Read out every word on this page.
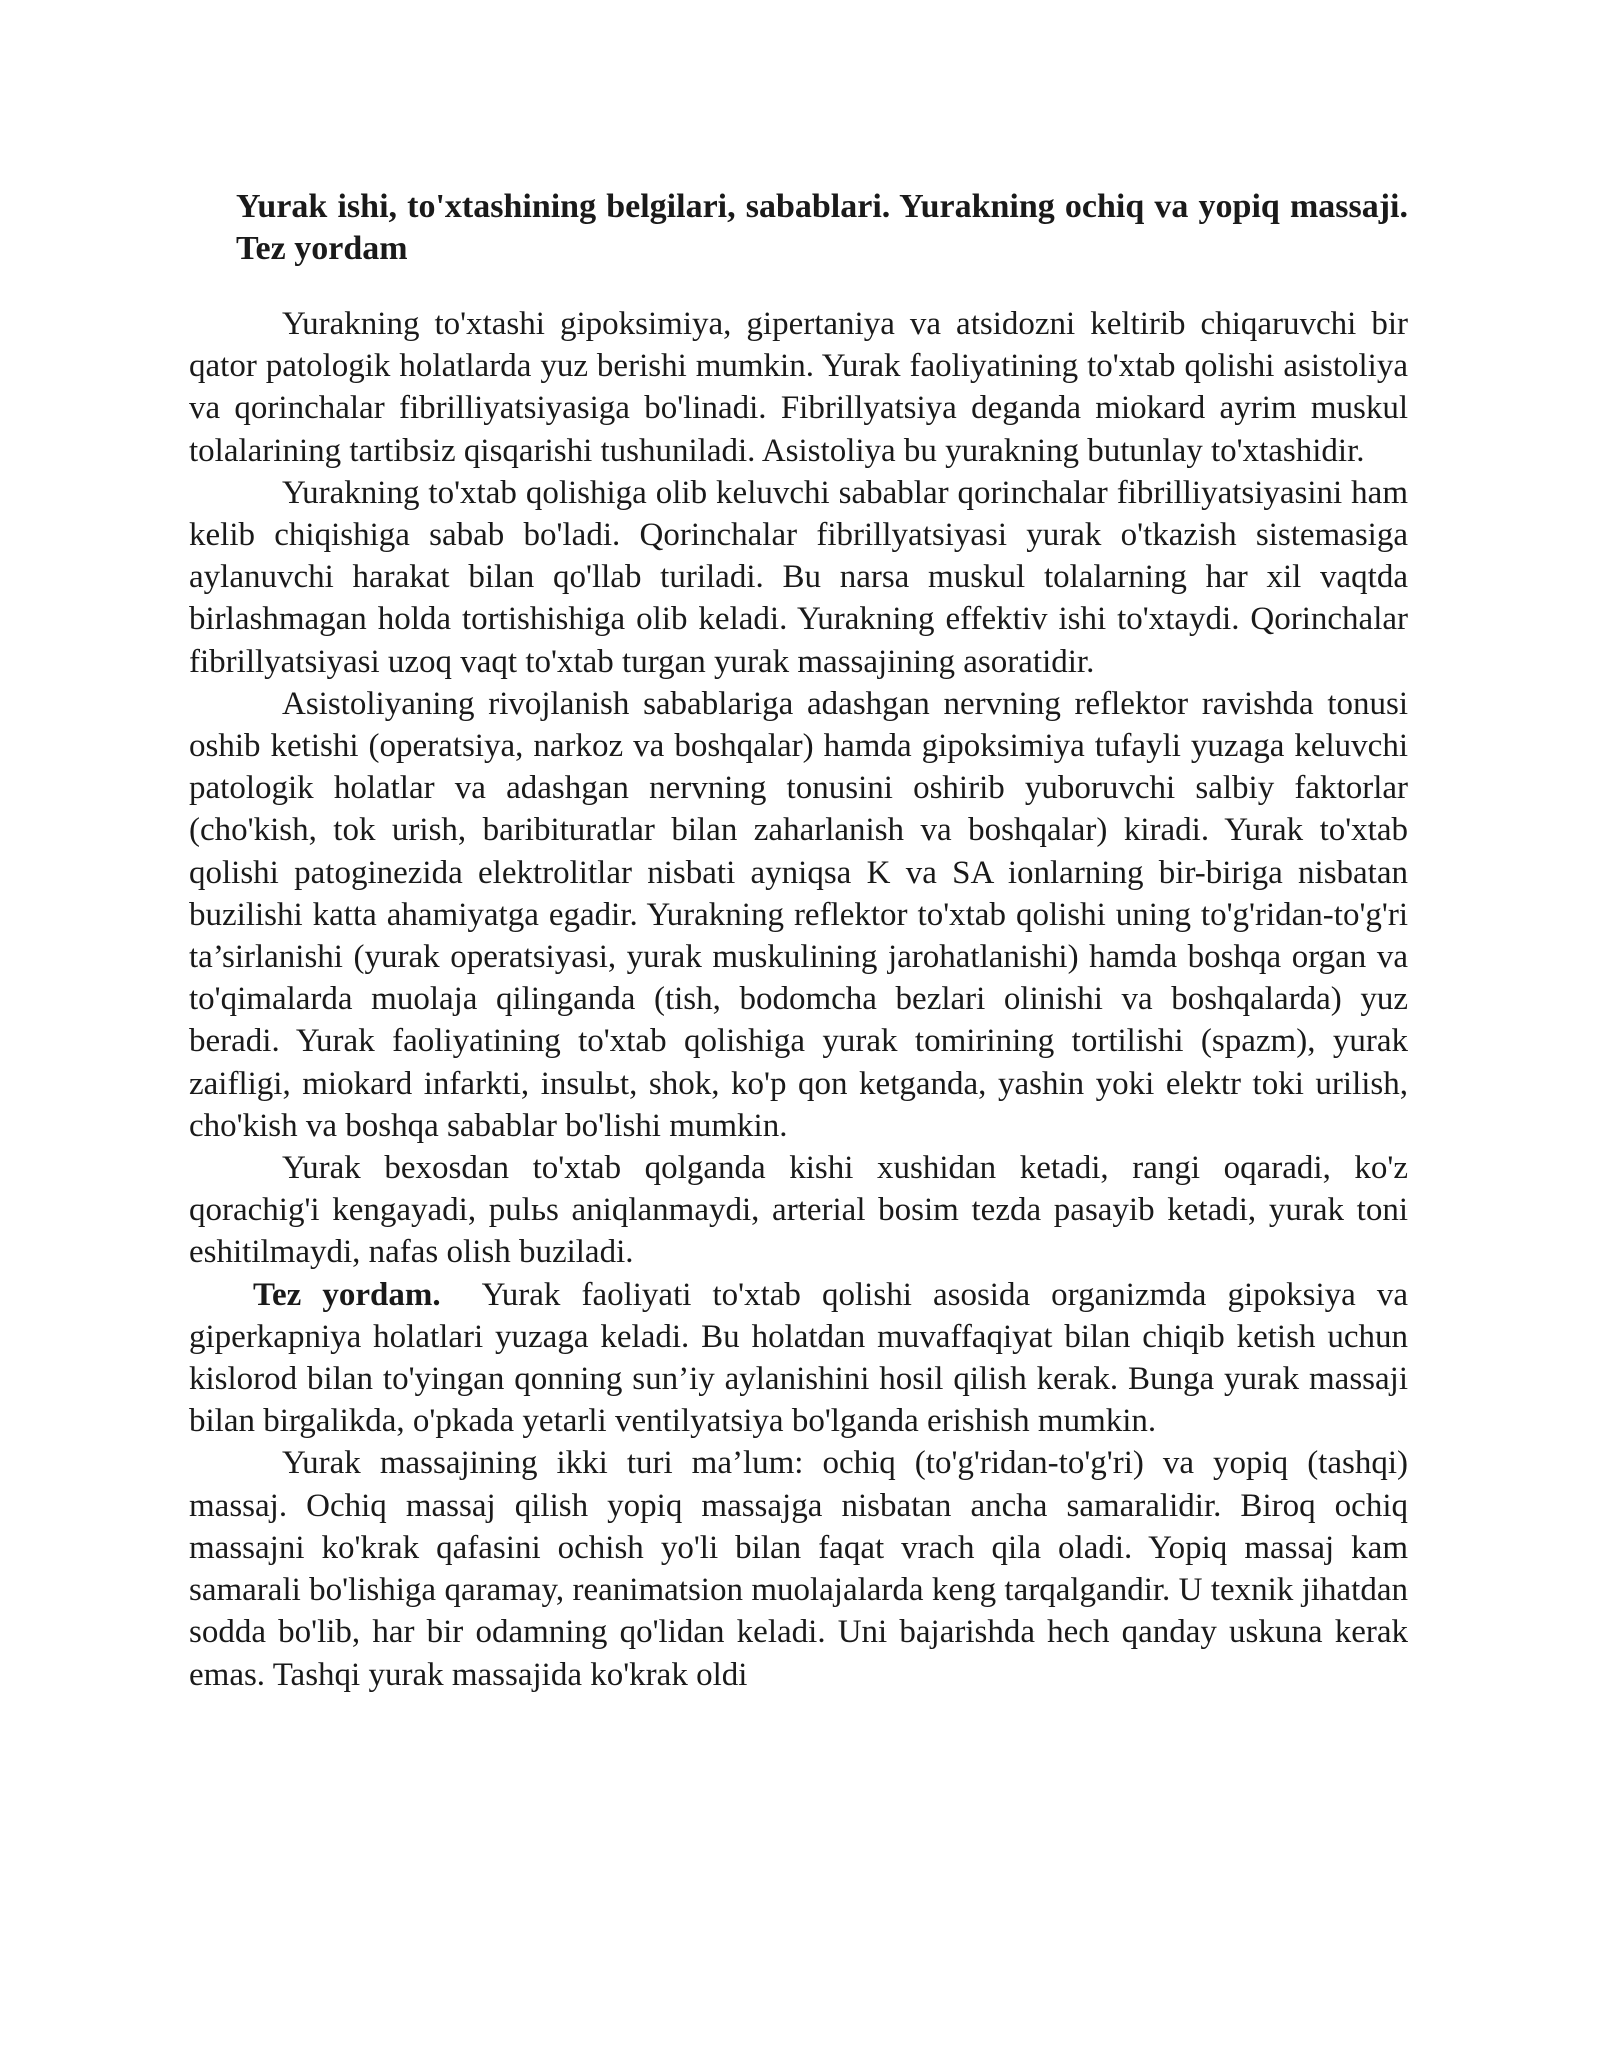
Yurak ishi, to'xtashining belgilari, sabablari. Yurakning ochiq va yopiq massaji. Tez yordam

Yurakning to'xtashi gipoksimiya, gipertaniya va atsidozni keltirib chiqaruvchi bir qator patologik holatlarda yuz berishi mumkin. Yurak faoliyatining to'xtab qolishi asistoliya va qorinchalar fibrilliyatsiyasiga bo'linadi. Fibrillyatsiya deganda miokard ayrim muskul tolalarining tartibsiz qisqarishi tushuniladi. Asistoliya bu yurakning butunlay to'xtashidir.

Yurakning to'xtab qolishiga olib keluvchi sabablar qorinchalar fibrilliyatsiyasini ham kelib chiqishiga sabab bo'ladi. Qorinchalar fibrillyatsiyasi yurak o'tkazish sistemasiga aylanuvchi harakat bilan qo'llab turiladi. Bu narsa muskul tolalarning har xil vaqtda birlashmagan holda tortishishiga olib keladi. Yurakning effektiv ishi to'xtaydi. Qorinchalar fibrillyatsiyasi uzoq vaqt to'xtab turgan yurak massajining asoratidir.

Asistoliyaning rivojlanish sabablariga adashgan nervning reflektor ravishda tonusi oshib ketishi (operatsiya, narkoz va boshqalar) hamda gipoksimiya tufayli yuzaga keluvchi patologik holatlar va adashgan nervning tonusini oshirib yuboruvchi salbiy faktorlar (cho'kish, tok urish, baribituratlar bilan zaharlanish va boshqalar) kiradi. Yurak to'xtab qolishi patoginezida elektrolitlar nisbati ayniqsa K va SA ionlarning bir-biriga nisbatan buzilishi katta ahamiyatga egadir. Yurakning reflektor to'xtab qolishi uning to'g'ridan-to'g'ri ta’sirlanishi (yurak operatsiyasi, yurak muskulining jarohatlanishi) hamda boshqa organ va to'qimalarda muolaja qilinganda (tish, bodomcha bezlari olinishi va boshqalarda) yuz beradi. Yurak faoliyatining to'xtab qolishiga yurak tomirining tortilishi (spazm), yurak zaifligi, miokard infarkti, insulьt, shok, ko'p qon ketganda, yashin yoki elektr toki urilish, cho'kish va boshqa sabablar bo'lishi mumkin.

Yurak bexosdan to'xtab qolganda kishi xushidan ketadi, rangi oqaradi, ko'z qorachig'i kengayadi, pulьs aniqlanmaydi, arterial bosim tezda pasayib ketadi, yurak toni eshitilmaydi, nafas olish buziladi.

Tez yordam. Yurak faoliyati to'xtab qolishi asosida organizmda gipoksiya va giperkapniya holatlari yuzaga keladi. Bu holatdan muvaffaqiyat bilan chiqib ketish uchun kislorod bilan to'yingan qonning sun’iy aylanishini hosil qilish kerak. Bunga yurak massaji bilan birgalikda, o'pkada yetarli ventilyatsiya bo'lganda erishish mumkin.

Yurak massajining ikki turi ma’lum: ochiq (to'g'ridan-to'g'ri) va yopiq (tashqi) massaj. Ochiq massaj qilish yopiq massajga nisbatan ancha samaralidir. Biroq ochiq massajni ko'krak qafasini ochish yo'li bilan faqat vrach qila oladi. Yopiq massaj kam samarali bo'lishiga qaramay, reanimatsion muolajalarda keng tarqalgandir. U texnik jihatdan sodda bo'lib, har bir odamning qo'lidan keladi. Uni bajarishda hech qanday uskuna kerak emas. Tashqi yurak massajida ko'krak oldi
